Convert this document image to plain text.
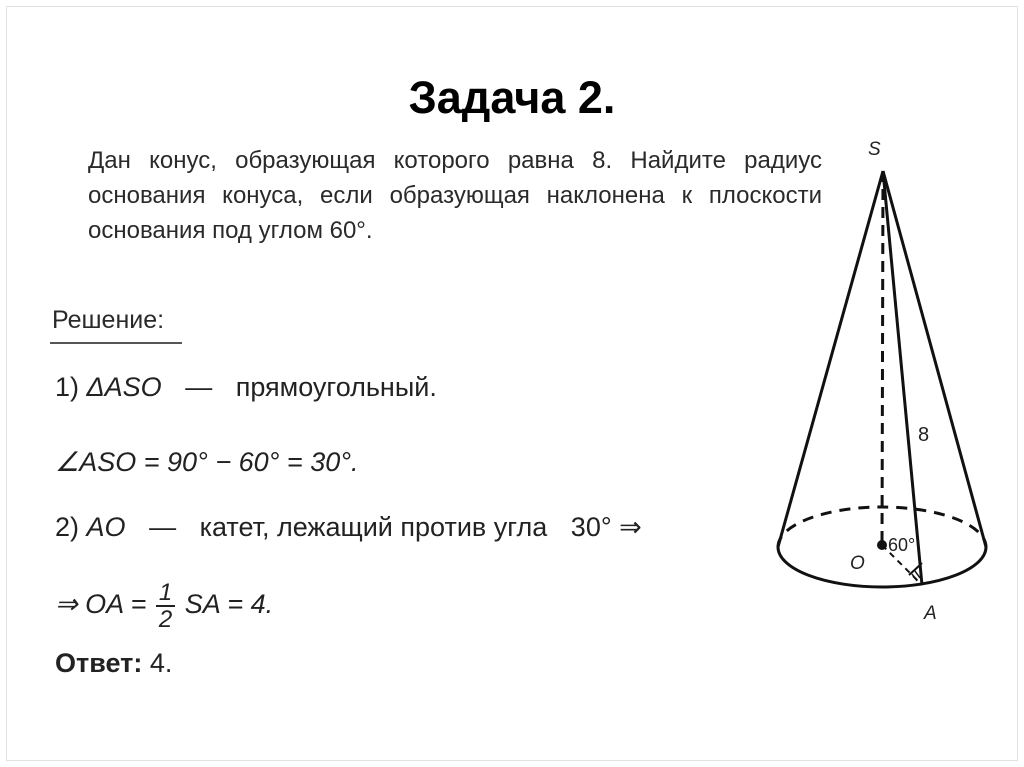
Задача 2.
Дан конус, образующая которого равна 8. Найдите радиус основания конуса, если образующая наклонена к плоскости основания под углом 60°.
Решение:
1) ΔASO — прямоугольный.
∠ASO = 90° − 60° = 30°.
2) AO — катет, лежащий против угла 30° ⇒
⇒ OA = $\frac{1}{2}$ SA = 4.
Ответ: 4.
S
8
60°
O
A
